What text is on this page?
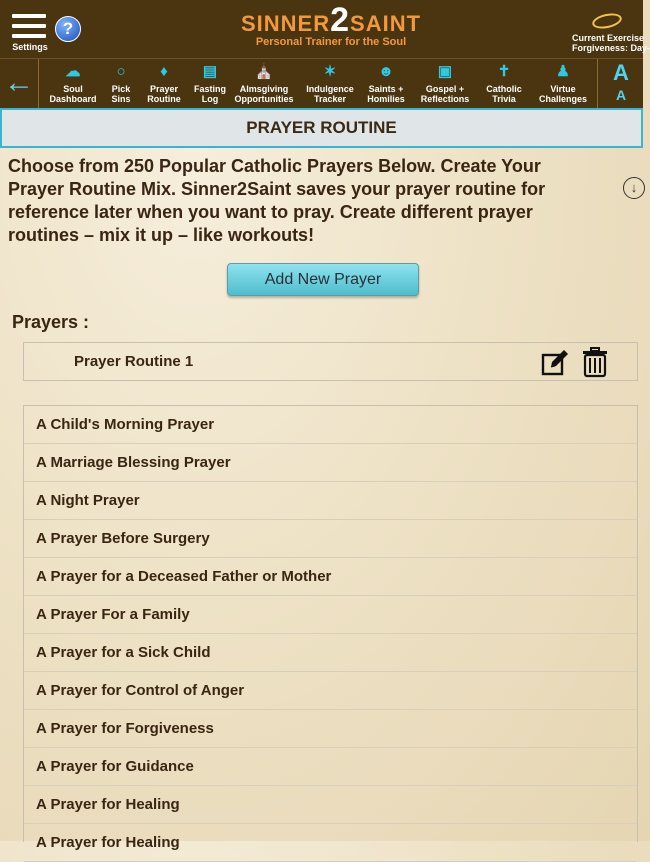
Settings
?	SINNER2SAINT
Personal Trainer for the Soul	Current Exercise
Forgiveness: Day-
←	☁
Soul
Dashboard
○
Pick
Sins
♦
Prayer
Routine
▤
Fasting
Log
⛪
Almsgiving
Opportunities
✶
Indulgence
Tracker
☻
Saints +
Homilies
▣
Gospel +
Reflections
✝
Catholic
Trivia
♟
Virtue
Challenges
A
A
PRAYER ROUTINE
Choose from 250 Popular Catholic Prayers Below. Create Your Prayer Routine Mix. Sinner2Saint saves your prayer routine for reference later when you want to pray. Create different prayer routines – mix it up – like workouts!
↓
Add New Prayer
Prayers :
Prayer Routine 1
A Child's Morning Prayer
A Marriage Blessing Prayer
A Night Prayer
A Prayer Before Surgery
A Prayer for a Deceased Father or Mother
A Prayer For a Family
A Prayer for a Sick Child
A Prayer for Control of Anger
A Prayer for Forgiveness
A Prayer for Guidance
A Prayer for Healing
A Prayer for Healing
